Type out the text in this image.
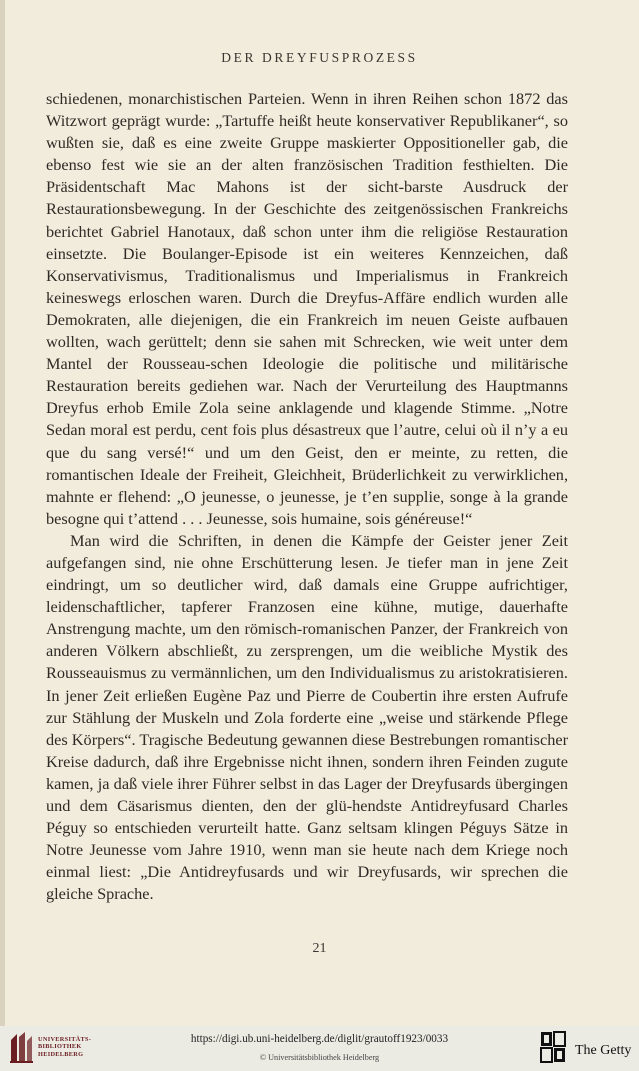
DER DREYFUSPROZESS

schiedenen, monarchistischen Parteien. Wenn in ihren Reihen schon 1872 das Witzwort geprägt wurde: „Tartuffe heißt heute konservativer Republikaner“, so wußten sie, daß es eine zweite Gruppe maskierter Oppositioneller gab, die ebenso fest wie sie an der alten französischen Tradition festhielten. Die Präsidentschaft Mac Mahons ist der sicht-barste Ausdruck der Restaurationsbewegung. In der Geschichte des zeitgenössischen Frankreichs berichtet Gabriel Hanotaux, daß schon unter ihm die religiöse Restauration einsetzte. Die Boulanger-Episode ist ein weiteres Kennzeichen, daß Konservativismus, Traditionalismus und Imperialismus in Frankreich keineswegs erloschen waren. Durch die Dreyfus-Affäre endlich wurden alle Demokraten, alle diejenigen, die ein Frankreich im neuen Geiste aufbauen wollten, wach gerüttelt; denn sie sahen mit Schrecken, wie weit unter dem Mantel der Rousseau-schen Ideologie die politische und militärische Restauration bereits gediehen war. Nach der Verurteilung des Hauptmanns Dreyfus erhob Emile Zola seine anklagende und klagende Stimme. „Notre Sedan moral est perdu, cent fois plus désastreux que l’autre, celui où il n’y a eu que du sang versé!“ und um den Geist, den er meinte, zu retten, die romantischen Ideale der Freiheit, Gleichheit, Brüderlichkeit zu verwirklichen, mahnte er flehend: „O jeunesse, o jeunesse, je t’en supplie, songe à la grande besogne qui t’attend . . . Jeunesse, sois humaine, sois généreuse!“

Man wird die Schriften, in denen die Kämpfe der Geister jener Zeit aufgefangen sind, nie ohne Erschütterung lesen. Je tiefer man in jene Zeit eindringt, um so deutlicher wird, daß damals eine Gruppe aufrichtiger, leidenschaftlicher, tapferer Franzosen eine kühne, mutige, dauerhafte Anstrengung machte, um den römisch-romanischen Panzer, der Frankreich von anderen Völkern abschließt, zu zersprengen, um die weibliche Mystik des Rousseauismus zu vermännlichen, um den Individualismus zu aristokratisieren. In jener Zeit erließen Eugène Paz und Pierre de Coubertin ihre ersten Aufrufe zur Stählung der Muskeln und Zola forderte eine „weise und stärkende Pflege des Körpers“. Tragische Bedeutung gewannen diese Bestrebungen romantischer Kreise dadurch, daß ihre Ergebnisse nicht ihnen, sondern ihren Feinden zugute kamen, ja daß viele ihrer Führer selbst in das Lager der Dreyfusards übergingen und dem Cäsarismus dienten, den der glü-hendste Antidreyfusard Charles Péguy so entschieden verurteilt hatte. Ganz seltsam klingen Péguys Sätze in Notre Jeunesse vom Jahre 1910, wenn man sie heute nach dem Kriege noch einmal liest: „Die Antidreyfusards und wir Dreyfusards, wir sprechen die gleiche Sprache.

21
UNIVERSITÄTS-
BIBLIOTHEK
HEIDELBERG
https://digi.ub.uni-heidelberg.de/diglit/grautoff1923/0033
© Universitätsbibliothek Heidelberg	The Getty
